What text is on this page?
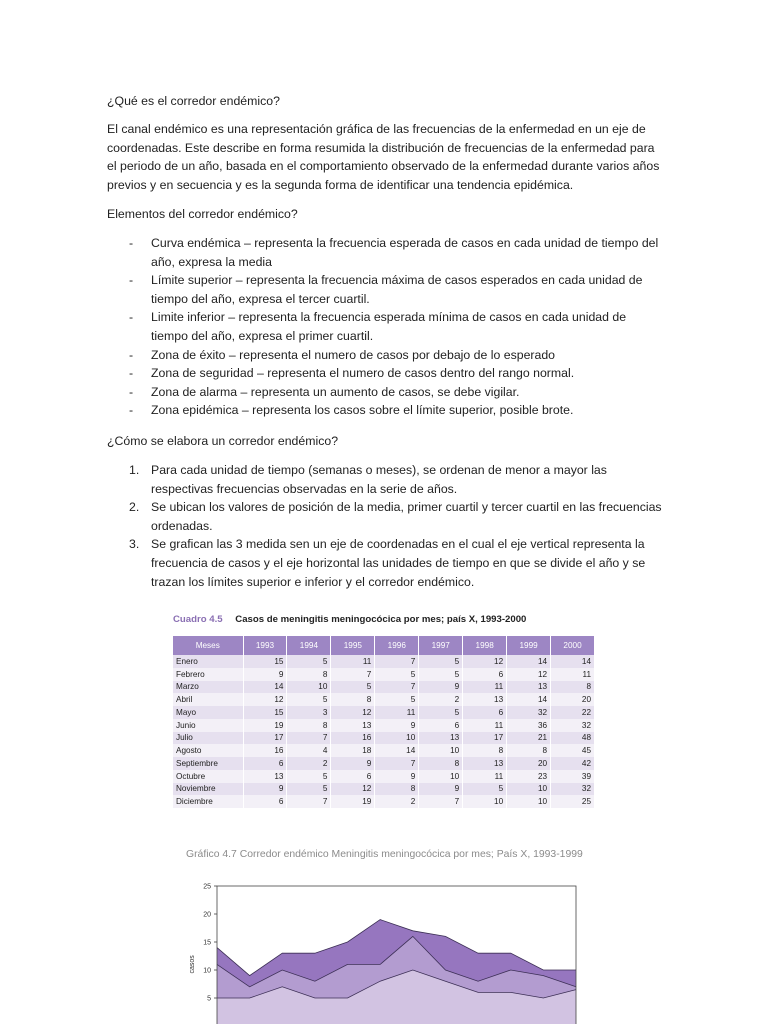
¿Qué es el corredor endémico?

El canal endémico es una representación gráfica de las frecuencias de la enfermedad en un eje de coordenadas. Este describe en forma resumida la distribución de frecuencias de la enfermedad para el periodo de un año, basada en el comportamiento observado de la enfermedad durante varios años previos y en secuencia y es la segunda forma de identificar una tendencia epidémica.

Elementos del corredor endémico?

- Curva endémica – representa la frecuencia esperada de casos en cada unidad de tiempo del año, expresa la media
- Límite superior – representa la frecuencia máxima de casos esperados en cada unidad de tiempo del año, expresa el tercer cuartil.
- Limite inferior – representa la frecuencia esperada mínima de casos en cada unidad de tiempo del año, expresa el primer cuartil.
- Zona de éxito – representa el numero de casos por debajo de lo esperado
- Zona de seguridad – representa el numero de casos dentro del rango normal.
- Zona de alarma – representa un aumento de casos, se debe vigilar.
- Zona epidémica – representa los casos sobre el límite superior, posible brote.

¿Cómo se elabora un corredor endémico?

1. Para cada unidad de tiempo (semanas o meses), se ordenan de menor a mayor las respectivas frecuencias observadas en la serie de años.
2. Se ubican los valores de posición de la media, primer cuartil y tercer cuartil en las frecuencias ordenadas.
3. Se grafican las 3 medida sen un eje de coordenadas en el cual el eje vertical representa la frecuencia de casos y el eje horizontal las unidades de tiempo en que se divide el año y se trazan los límites superior e inferior y el corredor endémico.
Cuadro 4.5 Casos de meningitis meningocócica por mes; país X, 1993-2000
Meses	1993	1994	1995	1996	1997	1998	1999	2000
Enero	15	5	11	7	5	12	14	14
Febrero	9	8	7	5	5	6	12	11
Marzo	14	10	5	7	9	11	13	8
Abril	12	5	8	5	2	13	14	20
Mayo	15	3	12	11	5	6	32	22
Junio	19	8	13	9	6	11	36	32
Julio	17	7	16	10	13	17	21	48
Agosto	16	4	18	14	10	8	8	45
Septiembre	6	2	9	7	8	13	20	42
Octubre	13	5	6	9	10	11	23	39
Noviembre	9	5	12	8	9	5	10	32
Diciembre	6	7	19	2	7	10	10	25
Gráfico 4.7 Corredor endémico Meningitis meningocócica por mes; País X, 1993-1999
5
10
15
20
25
casos
